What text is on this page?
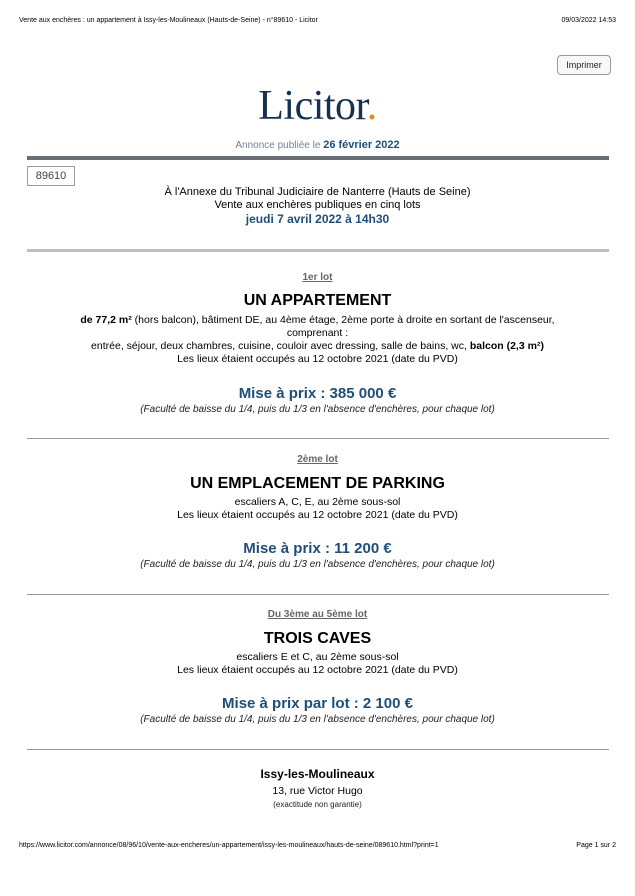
Vente aux enchères : un appartement à Issy-les-Moulineaux (Hauts-de-Seine) - n°89610 - Licitor	09/03/2022 14:53
Imprimer
Licitor.
Annonce publiée le 26 février 2022
89610
À l'Annexe du Tribunal Judiciaire de Nanterre (Hauts de Seine)
Vente aux enchères publiques en cinq lots
jeudi 7 avril 2022 à 14h30
1er lot
UN APPARTEMENT
de 77,2 m² (hors balcon), bâtiment DE, au 4ème étage, 2ème porte à droite en sortant de l'ascenseur,
comprenant :
entrée, séjour, deux chambres, cuisine, couloir avec dressing, salle de bains, wc, balcon (2,3 m²)
Les lieux étaient occupés au 12 octobre 2021 (date du PVD)
Mise à prix : 385 000 €
(Faculté de baisse du 1/4, puis du 1/3 en l'absence d'enchères, pour chaque lot)
2ème lot
UN EMPLACEMENT DE PARKING
escaliers A, C, E, au 2ème sous-sol
Les lieux étaient occupés au 12 octobre 2021 (date du PVD)
Mise à prix : 11 200 €
(Faculté de baisse du 1/4, puis du 1/3 en l'absence d'enchères, pour chaque lot)
Du 3ème au 5ème lot
TROIS CAVES
escaliers E et C, au 2ème sous-sol
Les lieux étaient occupés au 12 octobre 2021 (date du PVD)
Mise à prix par lot : 2 100 €
(Faculté de baisse du 1/4, puis du 1/3 en l'absence d'enchères, pour chaque lot)
Issy-les-Moulineaux
13, rue Victor Hugo
(exactitude non garantie)
https://www.licitor.com/annonce/08/96/10/vente-aux-encheres/un-appartement/issy-les-moulineaux/hauts-de-seine/089610.html?print=1	Page 1 sur 2
